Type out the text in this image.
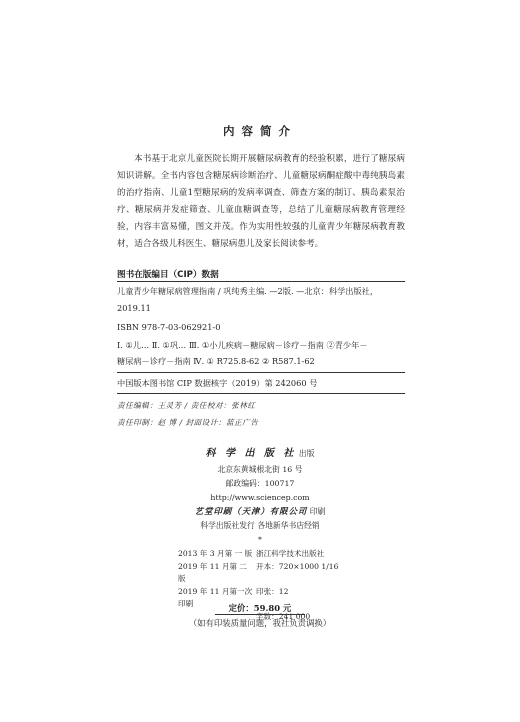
内容简介
本书基于北京儿童医院长期开展糖尿病教育的经验积累，进行了糖尿病知识讲解。全书内容包含糖尿病诊断治疗、儿童糖尿病酮症酸中毒纯胰岛素的治疗指南、儿童1型糖尿病的发病率调查、筛查方案的制订、胰岛素泵治疗、糖尿病并发症筛查、儿童血糖调查等，总结了儿童糖尿病教育管理经验，内容丰富易懂，图文并茂。作为实用性较强的儿童青少年糖尿病教育教材，适合各级儿科医生、糖尿病患儿及家长阅读参考。
图书在版编目（CIP）数据
儿童青少年糖尿病管理指南 / 巩纯秀主编. —2版. —北京：科学出版社，
2019.11
ISBN 978-7-03-062921-0
Ⅰ. ①儿… Ⅱ. ①巩… Ⅲ. ①小儿疾病－糖尿病－诊疗－指南 ②青少年－
糖尿病－诊疗－指南 Ⅳ. ① R725.8-62 ② R587.1-62
中国版本图书馆 CIP 数据核字（2019）第 242060 号
责任编辑：王灵芳 / 责任校对：张林红
责任印制：赵 博 / 封面设计：蓝正广告
科 学 出 版 社 出版
北京东黄城根北街 16 号
邮政编码：100717
http://www.sciencep.com
艺堂印刷（天津）有限公司 印刷
科学出版社发行 各地新华书店经销
*
2013 年 3 月第 一 版 浙江科学技术出版社
2019 年 11 月第 二 版
开本：720×1000 1/16
2019 年 11 月第一次印刷
印张：12
字数：241 000
定价：59.80 元
（如有印装质量问题，我社负责调换）
